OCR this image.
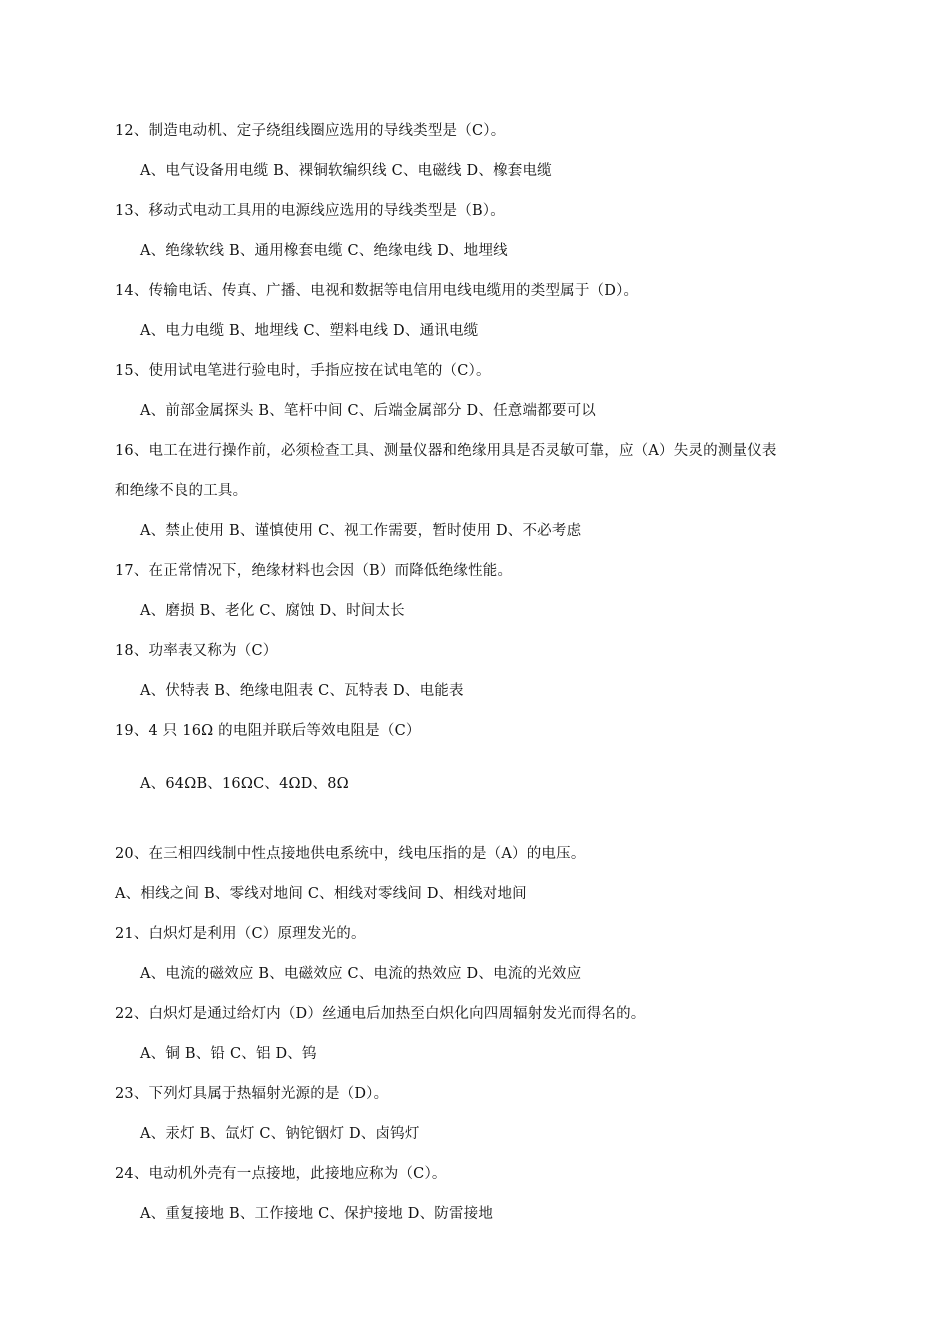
12、制造电动机、定子绕组线圈应选用的导线类型是（C）。
A、电气设备用电缆 B、裸铜软编织线 C、电磁线 D、橡套电缆
13、移动式电动工具用的电源线应选用的导线类型是（B）。
A、绝缘软线 B、通用橡套电缆 C、绝缘电线 D、地埋线
14、传输电话、传真、广播、电视和数据等电信用电线电缆用的类型属于（D）。
A、电力电缆 B、地埋线 C、塑料电线 D、通讯电缆
15、使用试电笔进行验电时，手指应按在试电笔的（C）。
A、前部金属探头 B、笔杆中间 C、后端金属部分 D、任意端都要可以
16、电工在进行操作前，必须检查工具、测量仪器和绝缘用具是否灵敏可靠，应（A）失灵的测量仪表
和绝缘不良的工具。
A、禁止使用 B、谨慎使用 C、视工作需要，暂时使用 D、不必考虑
17、在正常情况下，绝缘材料也会因（B）而降低绝缘性能。
A、磨损 B、老化 C、腐蚀 D、时间太长
18、功率表又称为（C）
A、伏特表 B、绝缘电阻表 C、瓦特表 D、电能表
19、4 只 16Ω 的电阻并联后等效电阻是（C）
A、64ΩB、16ΩC、4ΩD、8Ω
20、在三相四线制中性点接地供电系统中，线电压指的是（A）的电压。
A、相线之间 B、零线对地间 C、相线对零线间 D、相线对地间
21、白炽灯是利用（C）原理发光的。
A、电流的磁效应 B、电磁效应 C、电流的热效应 D、电流的光效应
22、白炽灯是通过给灯内（D）丝通电后加热至白炽化向四周辐射发光而得名的。
A、铜 B、铅 C、铝 D、钨
23、下列灯具属于热辐射光源的是（D）。
A、汞灯 B、氙灯 C、钠铊铟灯 D、卤钨灯
24、电动机外壳有一点接地，此接地应称为（C）。
A、重复接地 B、工作接地 C、保护接地 D、防雷接地
